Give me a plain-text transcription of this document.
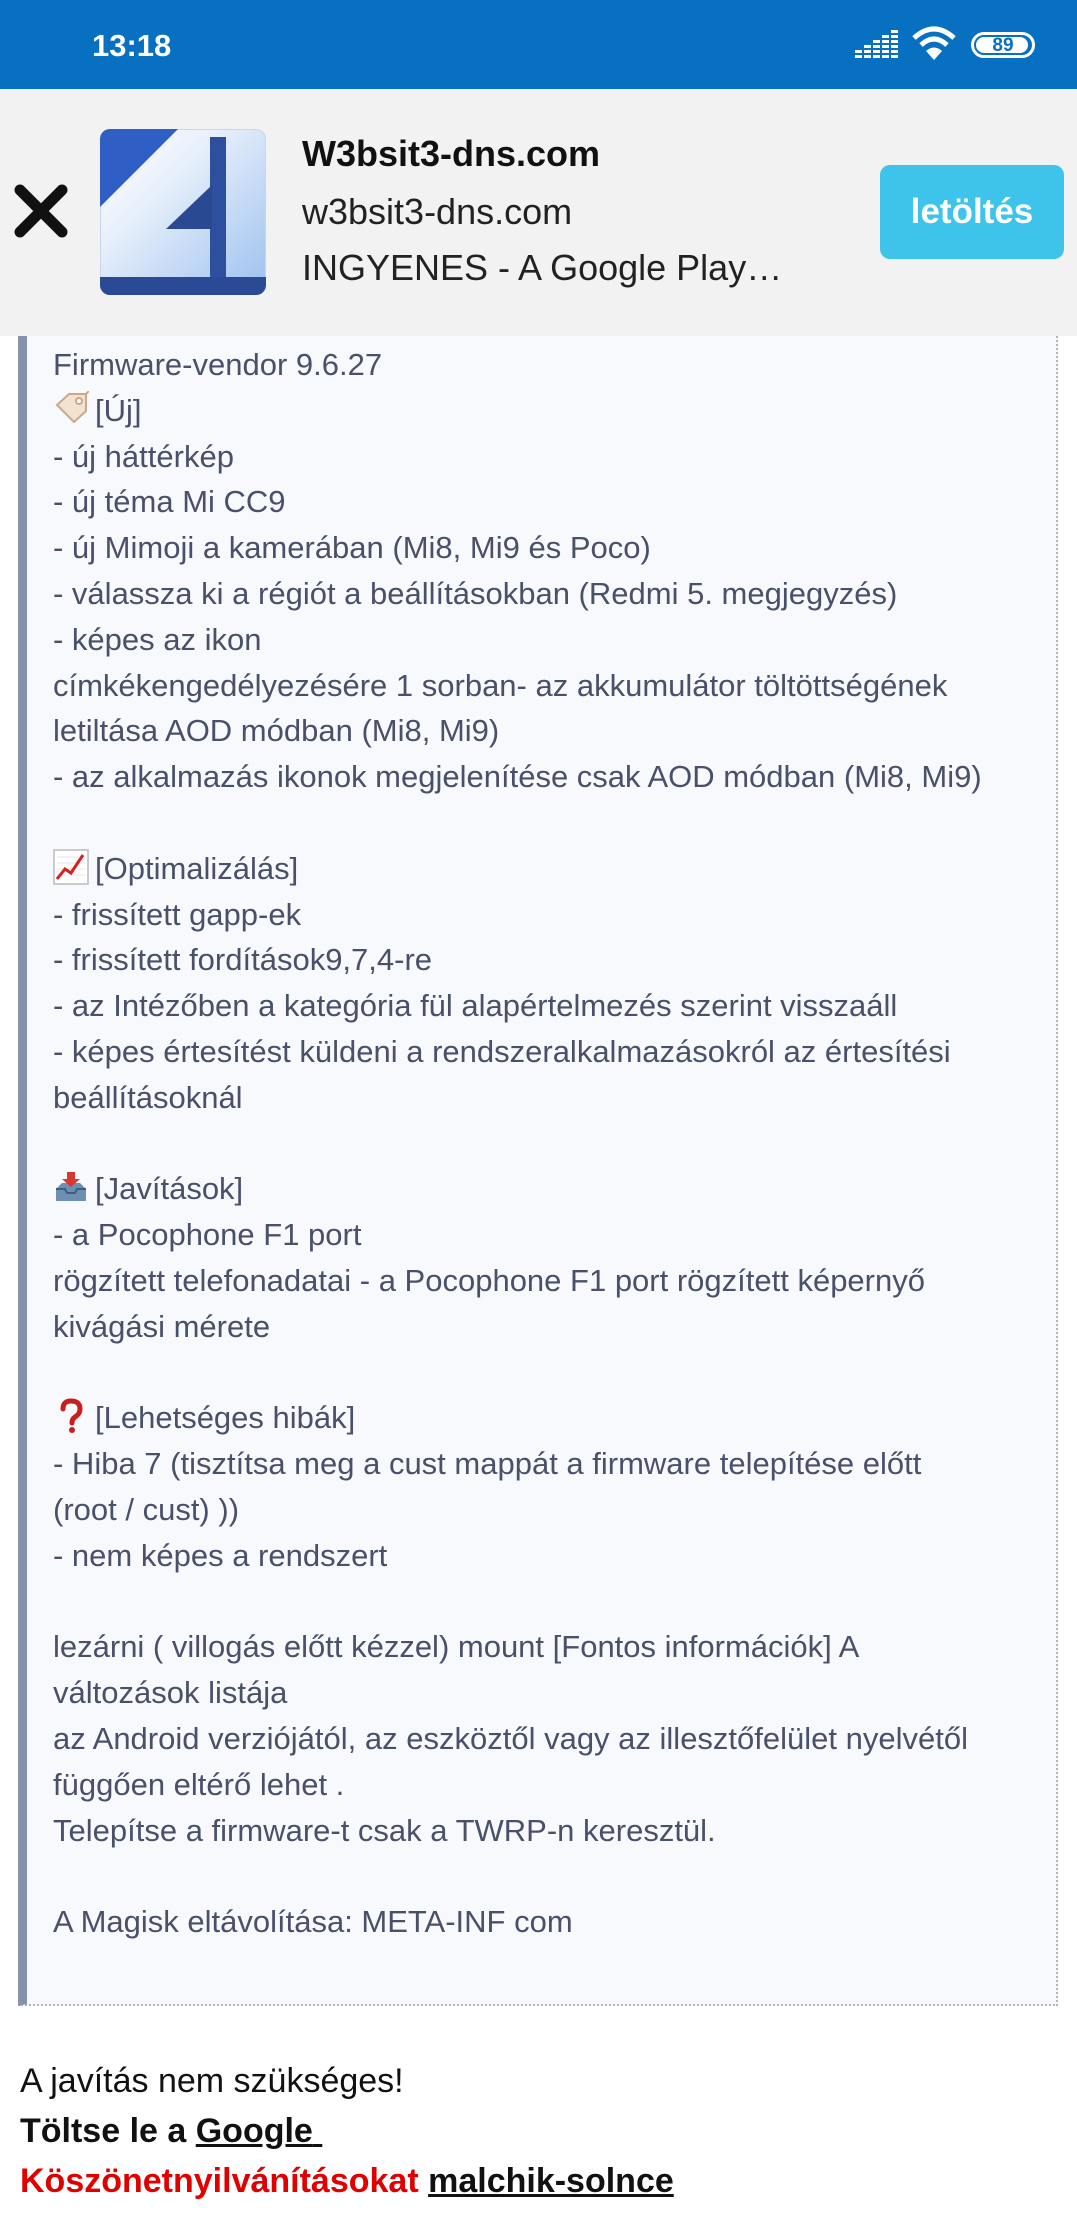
13:18	89
W3bsit3-dns.com
w3bsit3-dns.com
INGYENES - A Google Play…
letöltés
Firmware-vendor 9.6.27
[Új]
- új háttérkép
- új téma Mi CC9
- új Mimoji a kamerában (Mi8, Mi9 és Poco)
- válassza ki a régiót a beállításokban (Redmi 5. megjegyzés)
- képes az ikon
címkékengedélyezésére 1 sorban- az akkumulátor töltöttségének
letiltása AOD módban (Mi8, Mi9)
- az alkalmazás ikonok megjelenítése csak AOD módban (Mi8, Mi9)
[Optimalizálás]
- frissített gapp-ek
- frissített fordítások9,7,4-re
- az Intézőben a kategória fül alapértelmezés szerint visszaáll
- képes értesítést küldeni a rendszeralkalmazásokról az értesítési
beállításoknál
[Javítások]
- a Pocophone F1 port
rögzített telefonadatai - a Pocophone F1 port rögzített képernyő
kivágási mérete
[Lehetséges hibák]
- Hiba 7 (tisztítsa meg a cust mappát a firmware telepítése előtt
(root / cust) ))
- nem képes a rendszert
lezárni ( villogás előtt kézzel) mount [Fontos információk] A
változások listája
az Android verziójától, az eszköztől vagy az illesztőfelület nyelvétől
függően eltérő lehet .
Telepítse a firmware-t csak a TWRP-n keresztül.
A Magisk eltávolítása: META-INF com
A javítás nem szükséges!
Töltse le a Google
Köszönetnyilvánításokat malchik-solnce
